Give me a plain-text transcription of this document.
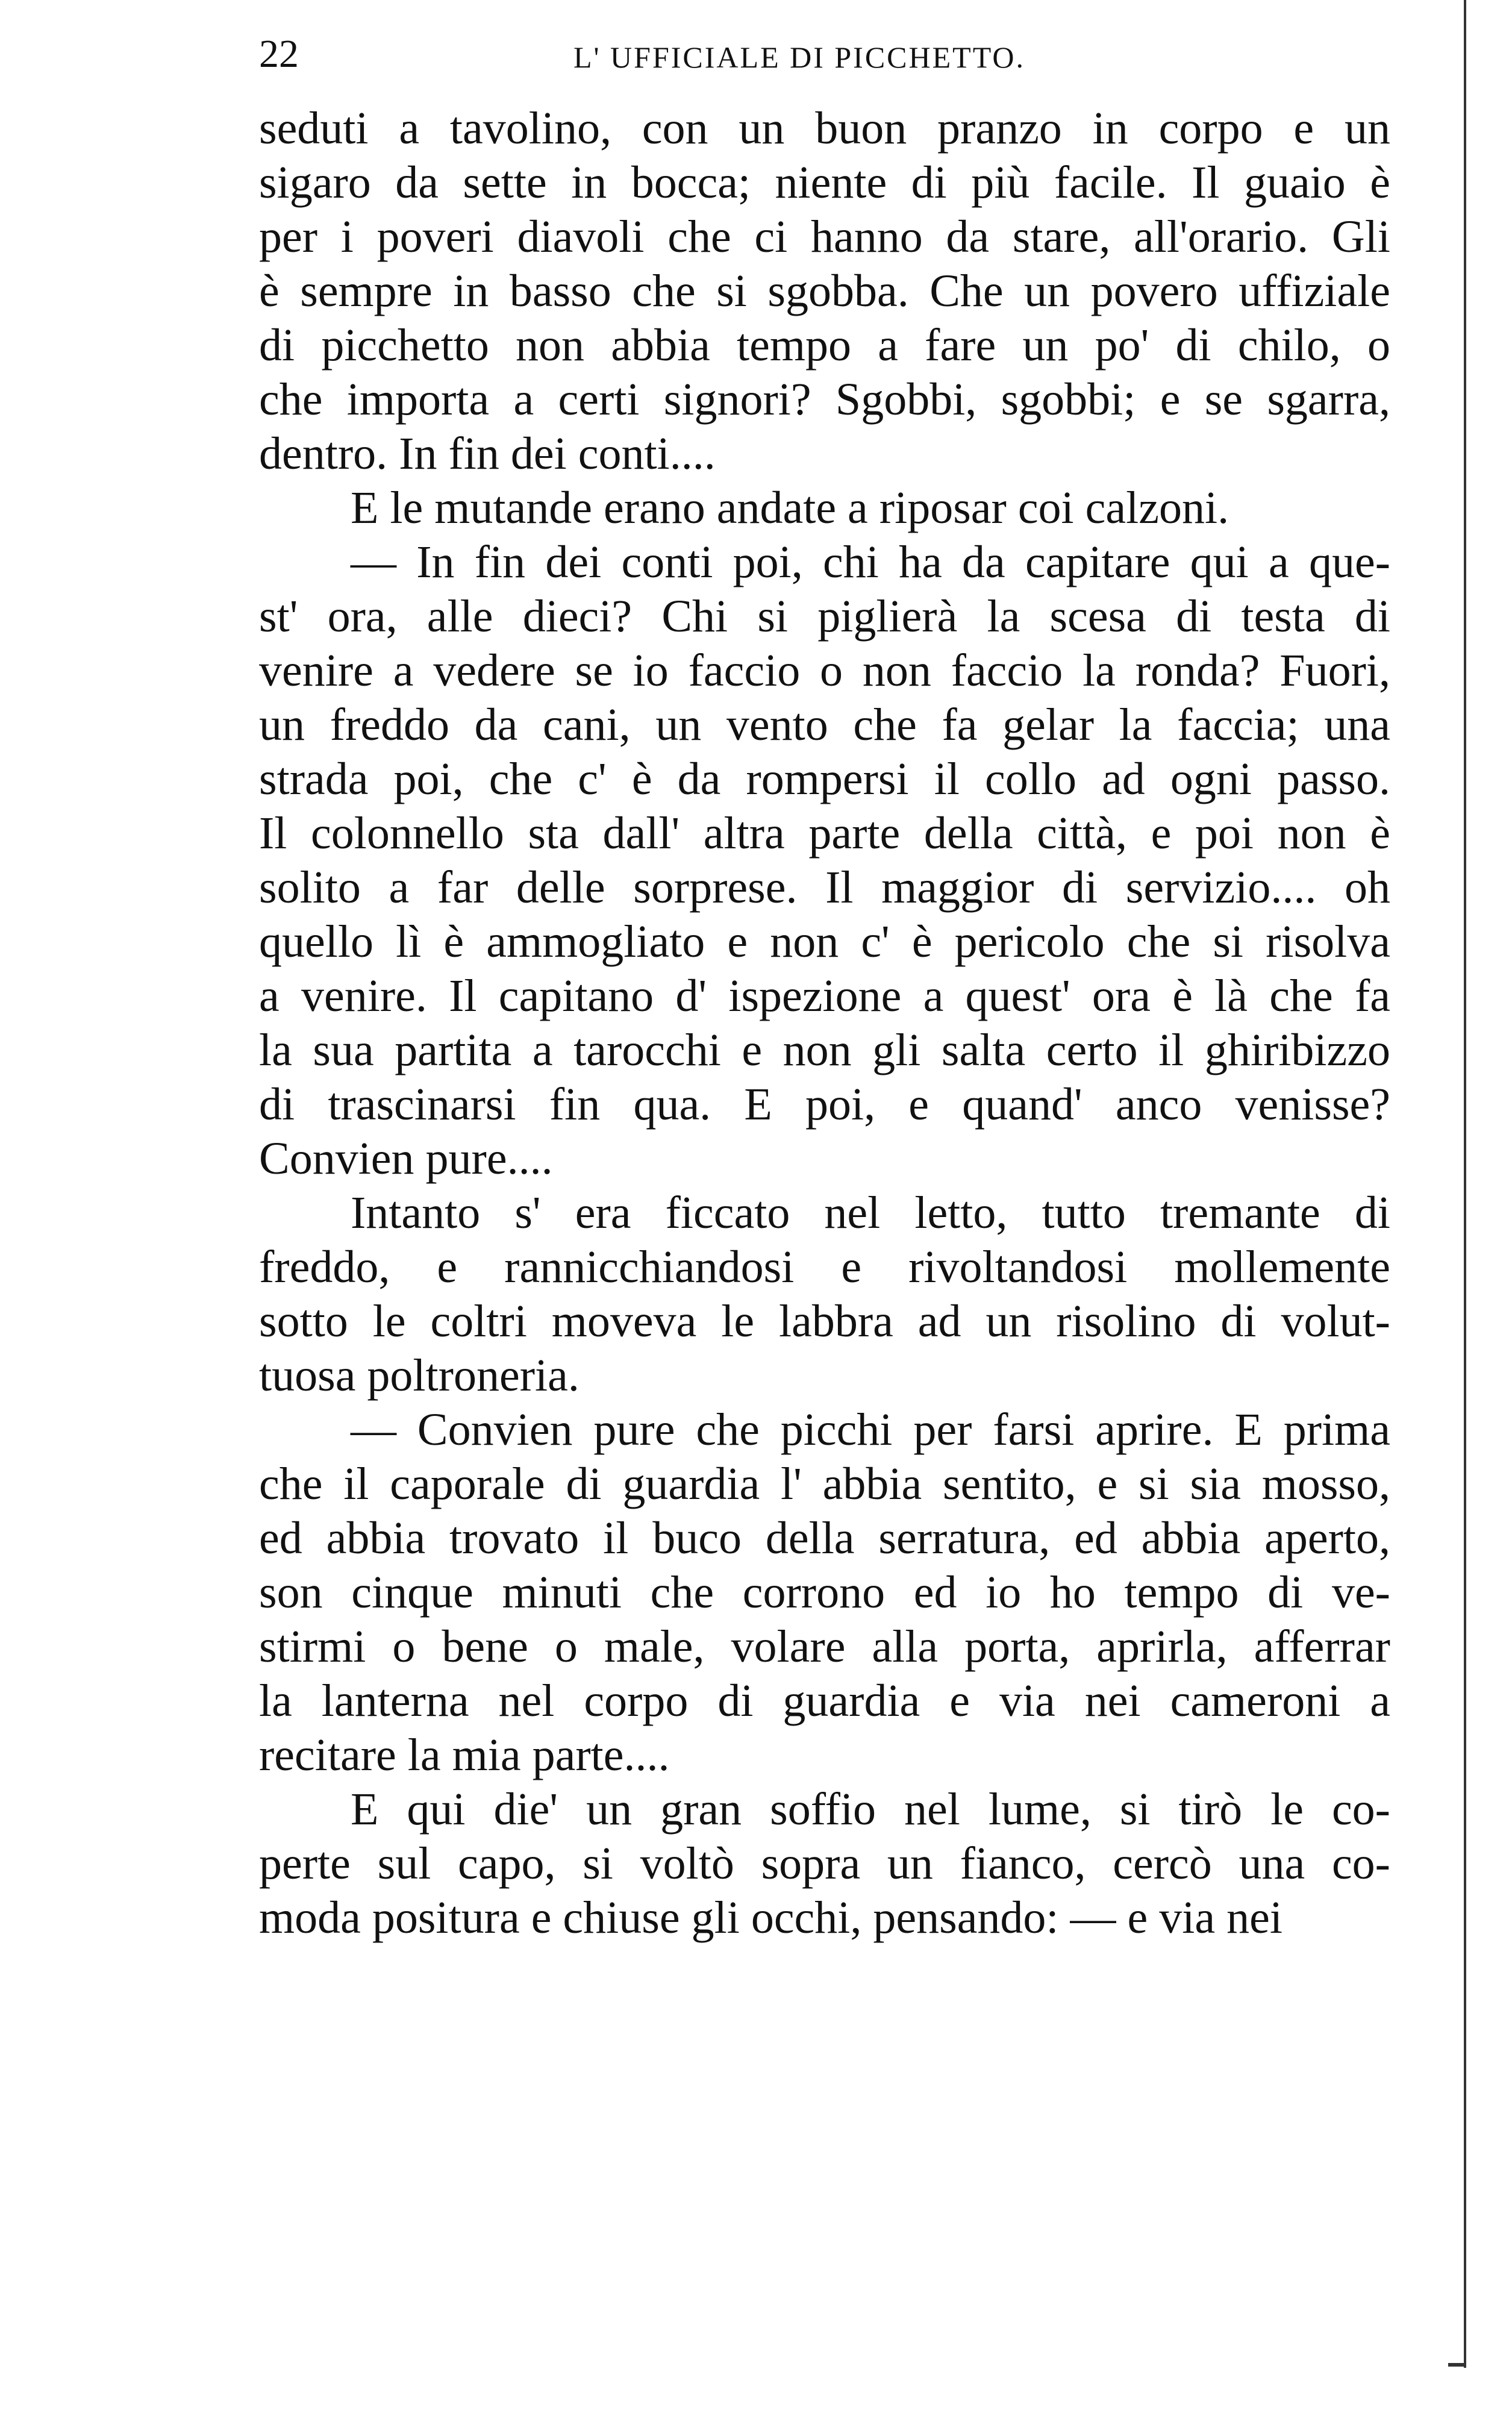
22	L' UFFICIALE DI PICCHETTO.
seduti a tavolino, con un buon pranzo in corpo e un
sigaro da sette in bocca; niente di più facile. Il guaio è
per i poveri diavoli che ci hanno da stare, all'orario. Gli
è sempre in basso che si sgobba. Che un povero uffiziale
di picchetto non abbia tempo a fare un po' di chilo, o
che importa a certi signori? Sgobbi, sgobbi; e se sgarra,
dentro. In fin dei conti....
E le mutande erano andate a riposar coi calzoni.
— In fin dei conti poi, chi ha da capitare qui a que-
st' ora, alle dieci? Chi si piglierà la scesa di testa di
venire a vedere se io faccio o non faccio la ronda? Fuori,
un freddo da cani, un vento che fa gelar la faccia; una
strada poi, che c' è da rompersi il collo ad ogni passo.
Il colonnello sta dall' altra parte della città, e poi non è
solito a far delle sorprese. Il maggior di servizio.... oh
quello lì è ammogliato e non c' è pericolo che si risolva
a venire. Il capitano d' ispezione a quest' ora è là che fa
la sua partita a tarocchi e non gli salta certo il ghiribizzo
di trascinarsi fin qua. E poi, e quand' anco venisse?
Convien pure....
Intanto s' era ficcato nel letto, tutto tremante di
freddo, e rannicchiandosi e rivoltandosi mollemente
sotto le coltri moveva le labbra ad un risolino di volut-
tuosa poltroneria.
— Convien pure che picchi per farsi aprire. E prima
che il caporale di guardia l' abbia sentito, e si sia mosso,
ed abbia trovato il buco della serratura, ed abbia aperto,
son cinque minuti che corrono ed io ho tempo di ve-
stirmi o bene o male, volare alla porta, aprirla, afferrar
la lanterna nel corpo di guardia e via nei cameroni a
recitare la mia parte....
E qui die' un gran soffio nel lume, si tirò le co-
perte sul capo, si voltò sopra un fianco, cercò una co-
moda positura e chiuse gli occhi, pensando: — e via nei
